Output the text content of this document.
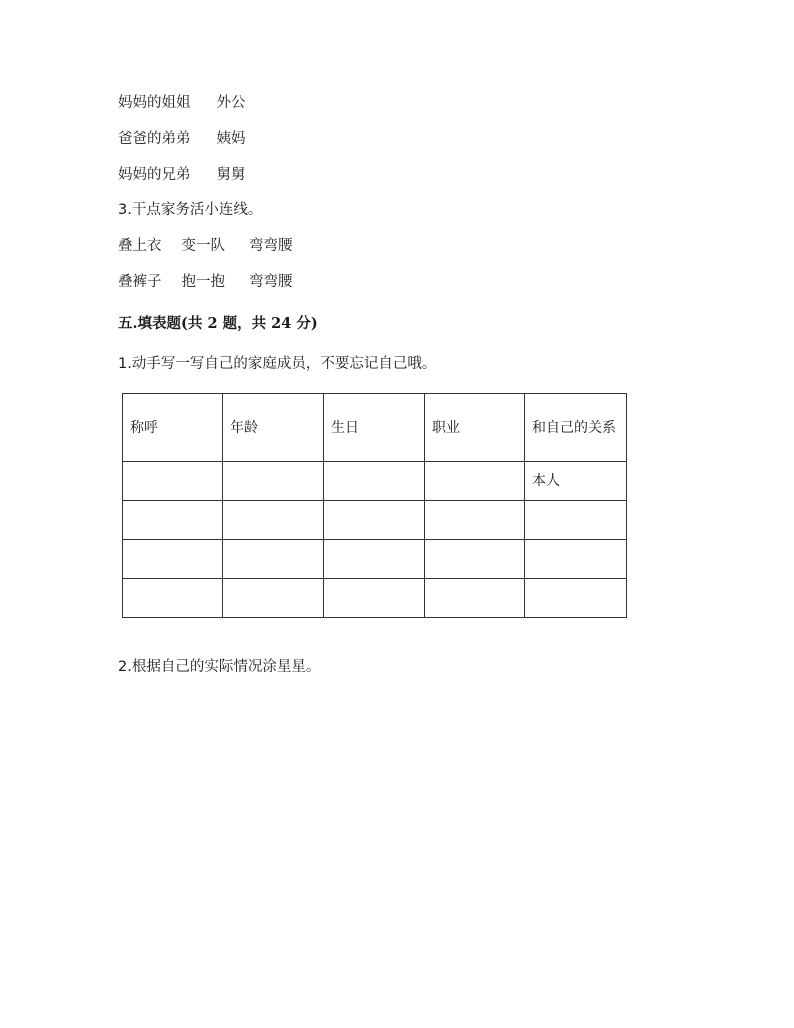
妈妈的姐姐 外公
爸爸的弟弟 姨妈
妈妈的兄弟 舅舅
3.干点家务活小连线。
叠上衣 变一队 弯弯腰
叠裤子 抱一抱 弯弯腰
五.填表题(共 2 题，共 24 分)
1.动手写一写自己的家庭成员，不要忘记自己哦。
称呼	年龄	生日	职业	和自己的关系
				本人

2.根据自己的实际情况涂星星。
